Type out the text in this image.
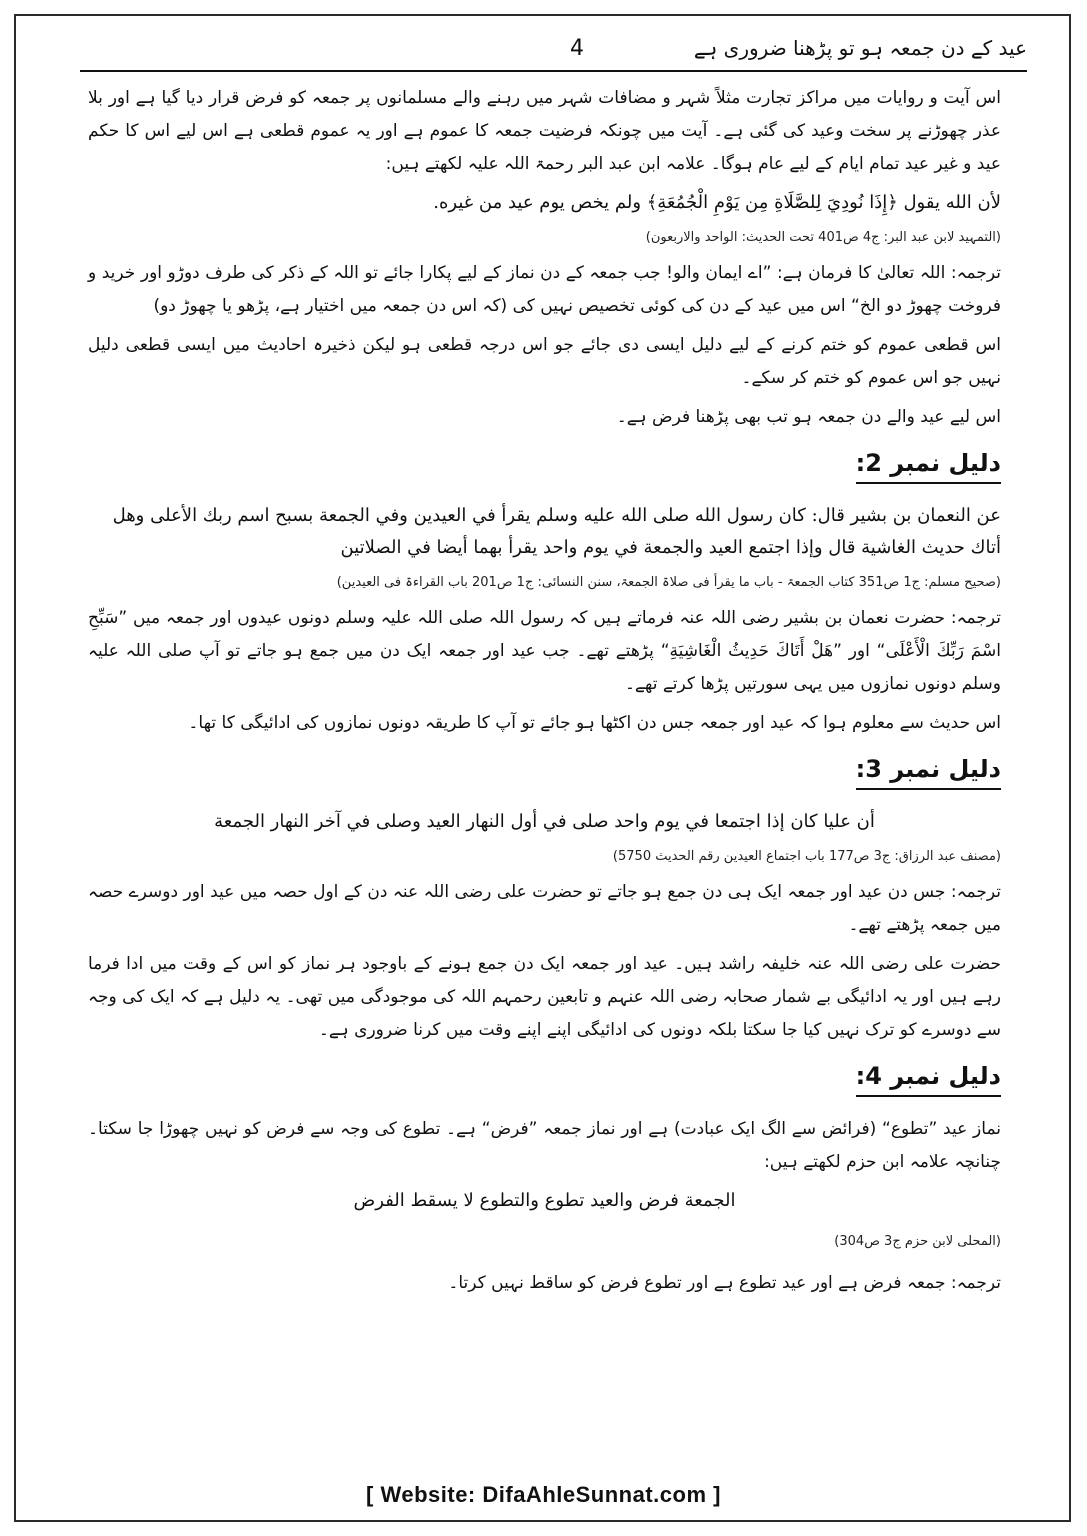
عید کے دن جمعہ ہو تو پڑھنا ضروری ہے
4

اس آیت و روایات میں مراکز تجارت مثلاً شہر و مضافات شہر میں رہنے والے مسلمانوں پر جمعہ کو فرض قرار دیا گیا ہے اور بلا عذر چھوڑنے پر سخت وعید کی گئی ہے۔ آیت میں چونکہ فرضیت جمعہ کا عموم ہے اور یہ عموم قطعی ہے اس لیے اس کا حکم عید و غیر عید تمام ایام کے لیے عام ہوگا۔ علامہ ابن عبد البر رحمۃ اللہ علیہ لکھتے ہیں:

لأن الله يقول ﴿إِذَا نُودِيَ لِلصَّلَاةِ مِن يَوْمِ الْجُمُعَةِ﴾ ولم يخص يوم عيد من غيره.

(التمہید لابن عبد البر: ج4 ص401 تحت الحدیث: الواحد والاربعون)

ترجمہ: اللہ تعالیٰ کا فرمان ہے: ”اے ایمان والو! جب جمعہ کے دن نماز کے لیے پکارا جائے تو اللہ کے ذکر کی طرف دوڑو اور خرید و فروخت چھوڑ دو الخ“ اس میں عید کے دن کی کوئی تخصیص نہیں کی (کہ اس دن جمعہ میں اختیار ہے، پڑھو یا چھوڑ دو)

اس قطعی عموم کو ختم کرنے کے لیے دلیل ایسی دی جائے جو اس درجہ قطعی ہو لیکن ذخیرہ احادیث میں ایسی قطعی دلیل نہیں جو اس عموم کو ختم کر سکے۔

اس لیے عید والے دن جمعہ ہو تب بھی پڑھنا فرض ہے۔

دلیل نمبر 2:

عن النعمان بن بشير قال: كان رسول الله صلى الله عليه وسلم يقرأ في العيدين وفي الجمعة بسبح اسم ربك الأعلى وهل أتاك حديث الغاشية قال وإذا اجتمع العيد والجمعة في يوم واحد يقرأ بهما أيضا في الصلاتين

(صحیح مسلم: ج1 ص351 کتاب الجمعۃ - باب ما یقرأ فی صلاۃ الجمعۃ، سنن النسائی: ج1 ص201 باب القراءۃ فی العیدین)

ترجمہ: حضرت نعمان بن بشیر رضی اللہ عنہ فرماتے ہیں کہ رسول اللہ صلی اللہ علیہ وسلم دونوں عیدوں اور جمعہ میں ”سَبِّحِ اسْمَ رَبِّكَ الْأَعْلَى“ اور ”هَلْ أَتَاكَ حَدِيثُ الْغَاشِيَةِ“ پڑھتے تھے۔ جب عید اور جمعہ ایک دن میں جمع ہو جاتے تو آپ صلی اللہ علیہ وسلم دونوں نمازوں میں یہی سورتیں پڑھا کرتے تھے۔

اس حدیث سے معلوم ہوا کہ عید اور جمعہ جس دن اکٹھا ہو جائے تو آپ کا طریقہ دونوں نمازوں کی ادائیگی کا تھا۔

دلیل نمبر 3:

أن عليا كان إذا اجتمعا في يوم واحد صلى في أول النهار العيد وصلى في آخر النهار الجمعة

(مصنف عبد الرزاق: ج3 ص177 باب اجتماع العیدین رقم الحدیث 5750)

ترجمہ: جس دن عید اور جمعہ ایک ہی دن جمع ہو جاتے تو حضرت علی رضی اللہ عنہ دن کے اول حصہ میں عید اور دوسرے حصہ میں جمعہ پڑھتے تھے۔

حضرت علی رضی اللہ عنہ خلیفہ راشد ہیں۔ عید اور جمعہ ایک دن جمع ہونے کے باوجود ہر نماز کو اس کے وقت میں ادا فرما رہے ہیں اور یہ ادائیگی بے شمار صحابہ رضی اللہ عنہم و تابعین رحمہم اللہ کی موجودگی میں تھی۔ یہ دلیل ہے کہ ایک کی وجہ سے دوسرے کو ترک نہیں کیا جا سکتا بلکہ دونوں کی ادائیگی اپنے اپنے وقت میں کرنا ضروری ہے۔

دلیل نمبر 4:

نماز عید ”تطوع“ (فرائض سے الگ ایک عبادت) ہے اور نماز جمعہ ”فرض“ ہے۔ تطوع کی وجہ سے فرض کو نہیں چھوڑا جا سکتا۔ چنانچہ علامہ ابن حزم لکھتے ہیں:

الجمعة فرض والعيد تطوع والتطوع لا يسقط الفرض

(المحلی لابن حزم ج3 ص304)

ترجمہ: جمعہ فرض ہے اور عید تطوع ہے اور تطوع فرض کو ساقط نہیں کرتا۔

[ Website: DifaAhleSunnat.com ]
